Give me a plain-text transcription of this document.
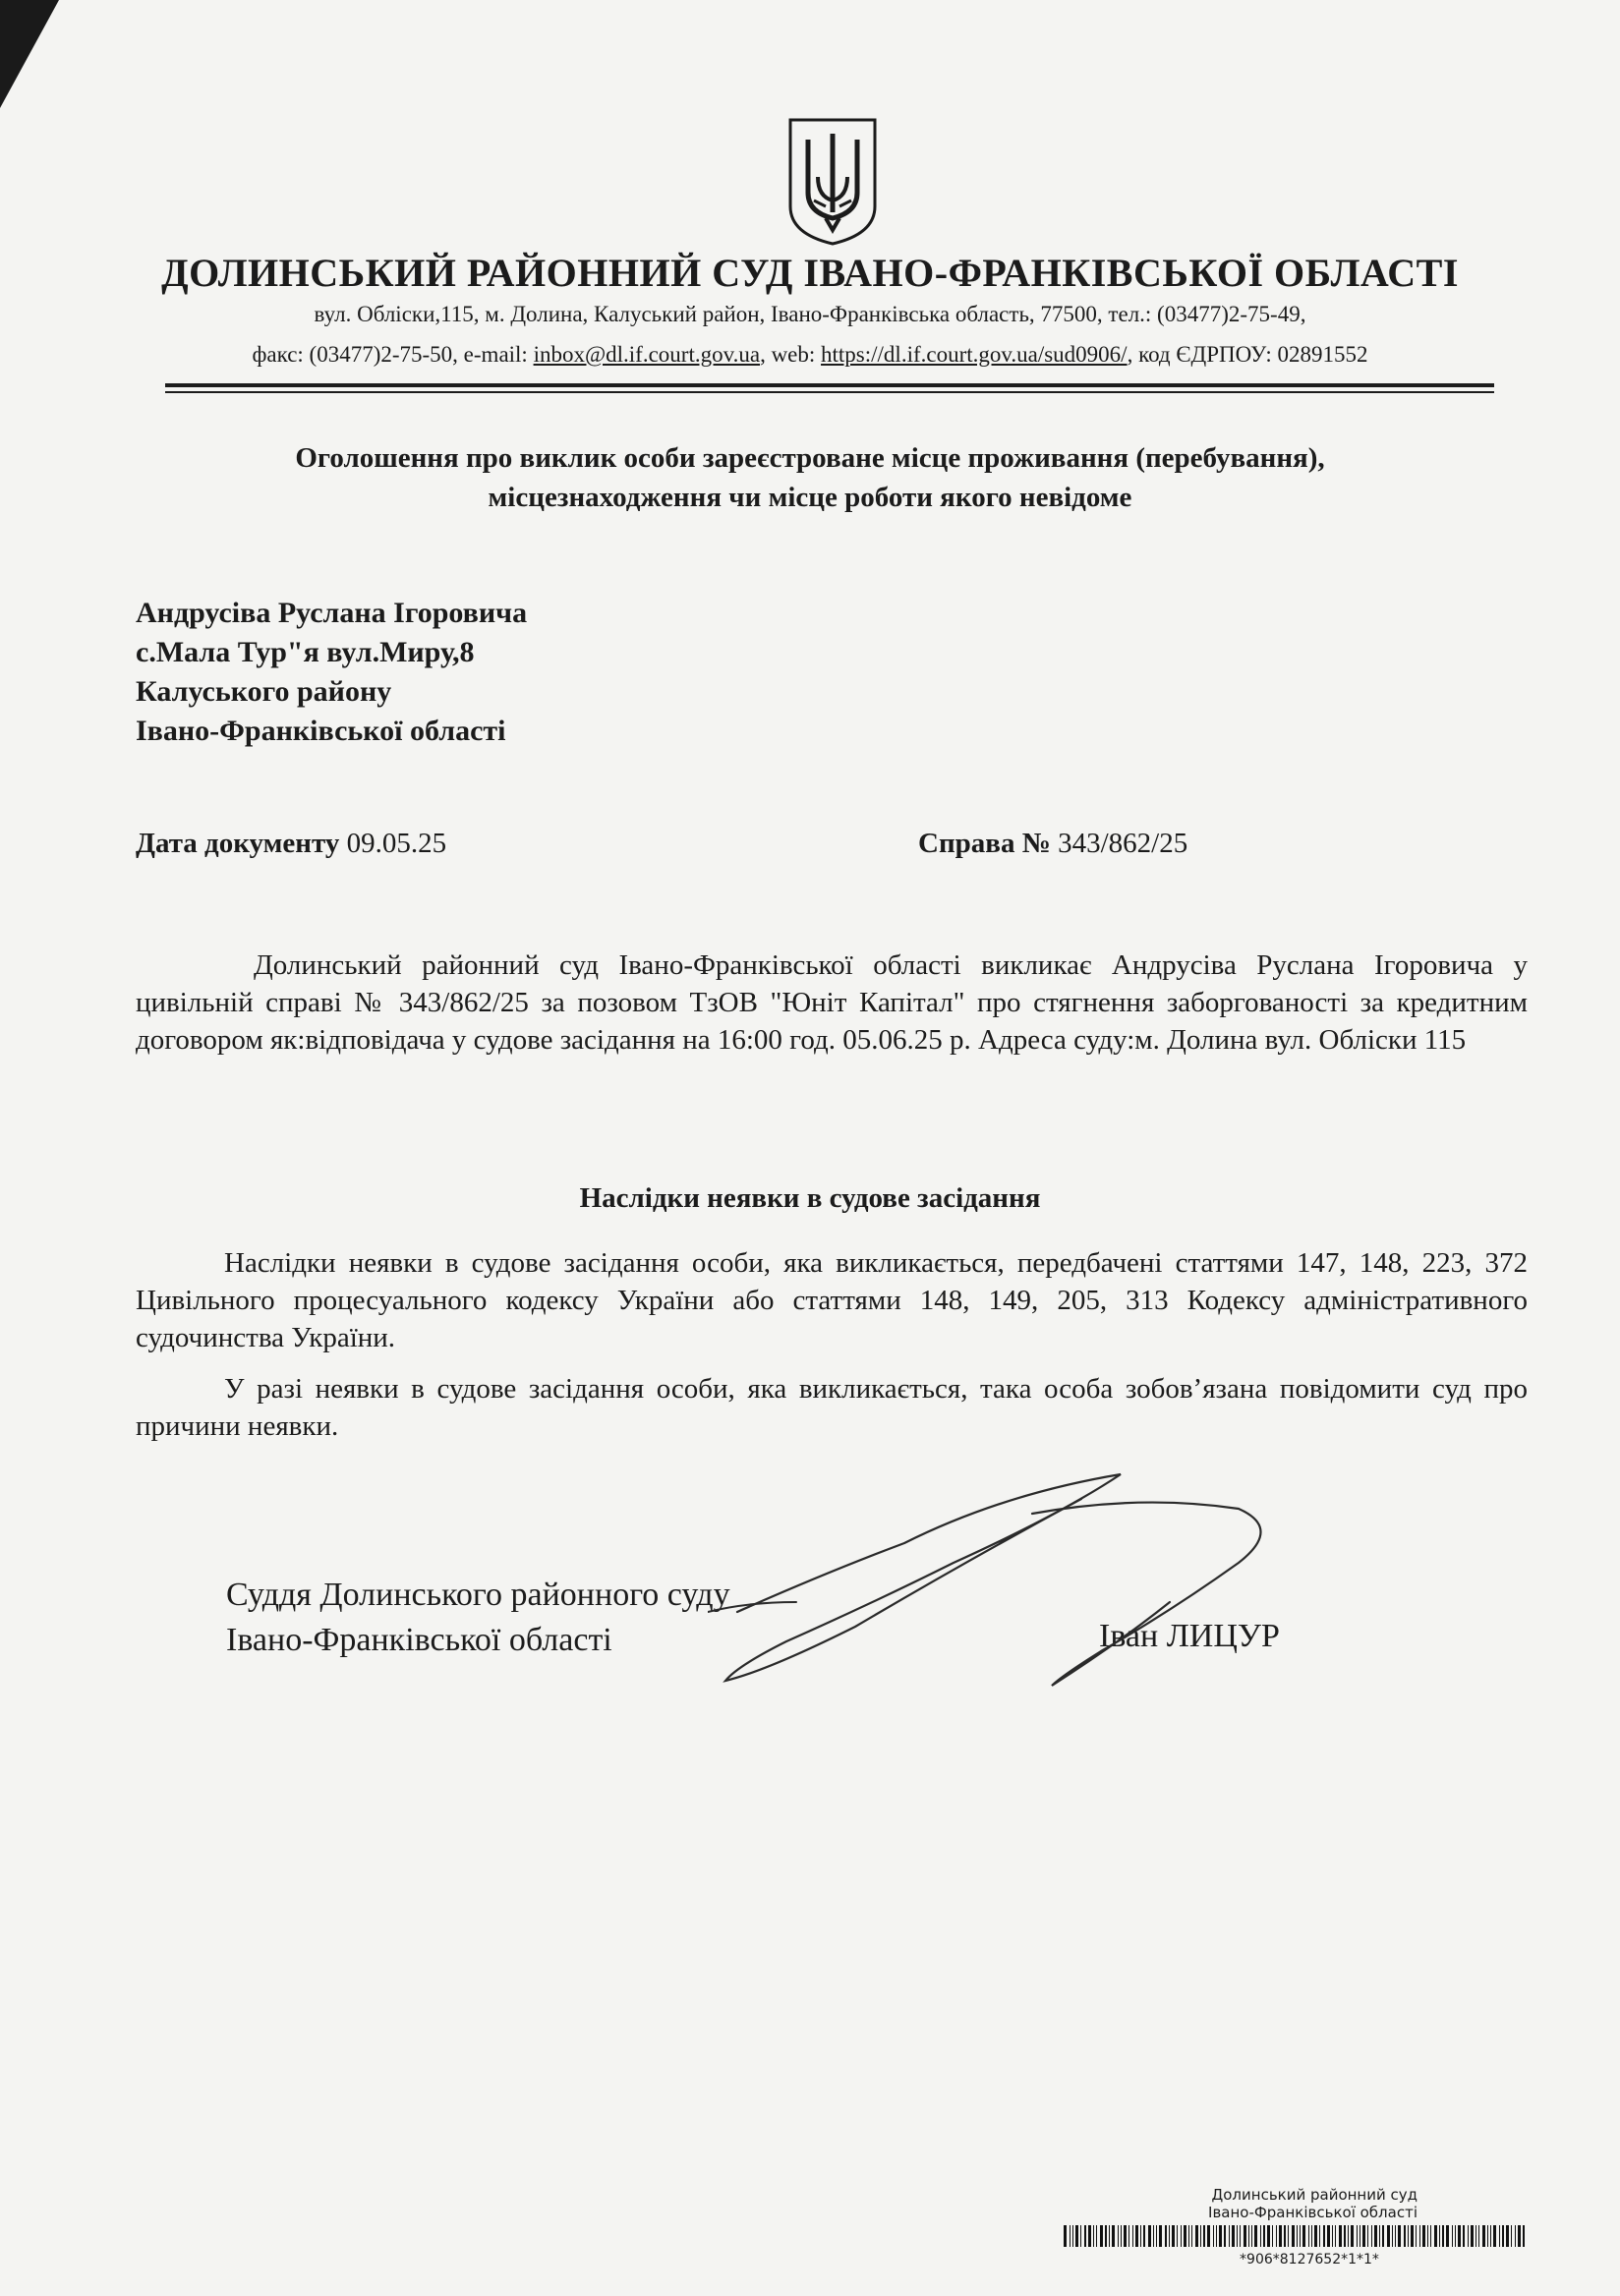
ДОЛИНСЬКИЙ РАЙОННИЙ СУД ІВАНО-ФРАНКІВСЬКОЇ ОБЛАСТІ
вул. Обліски,115, м. Долина, Калуський район, Івано-Франківська область, 77500, тел.: (03477)2-75-49,
факс: (03477)2-75-50, e-mail: inbox@dl.if.court.gov.ua, web: https://dl.if.court.gov.ua/sud0906/, код ЄДРПОУ: 02891552
Оголошення про виклик особи зареєстроване місце проживання (перебування),
місцезнаходження чи місце роботи якого невідоме
Андрусіва Руслана Ігоровича
с.Мала Тур"я вул.Миру,8
Калуського району
Івано-Франківської області
Дата документу 09.05.25	Справа № 343/862/25
Долинський районний суд Івано-Франківської області викликає Андрусіва Руслана Ігоровича у цивільній справі № 343/862/25 за позовом ТзОВ "Юніт Капітал" про стягнення заборгованості за кредитним договором як:відповідача у судове засідання на 16:00 год. 05.06.25 р. Адреса суду:м. Долина вул. Обліски 115
Наслідки неявки в судове засідання
Наслідки неявки в судове засідання особи, яка викликається, передбачені статтями 147, 148, 223, 372 Цивільного процесуального кодексу України або статтями 148, 149, 205, 313 Кодексу адміністративного судочинства України.
У разі неявки в судове засідання особи, яка викликається, така особа зобов’язана повідомити суд про причини неявки.
Суддя Долинського районного суду
Івано-Франківської області	Іван ЛИЦУР
Долинський районний суд
Івано-Франківської області
*906*8127652*1*1*
